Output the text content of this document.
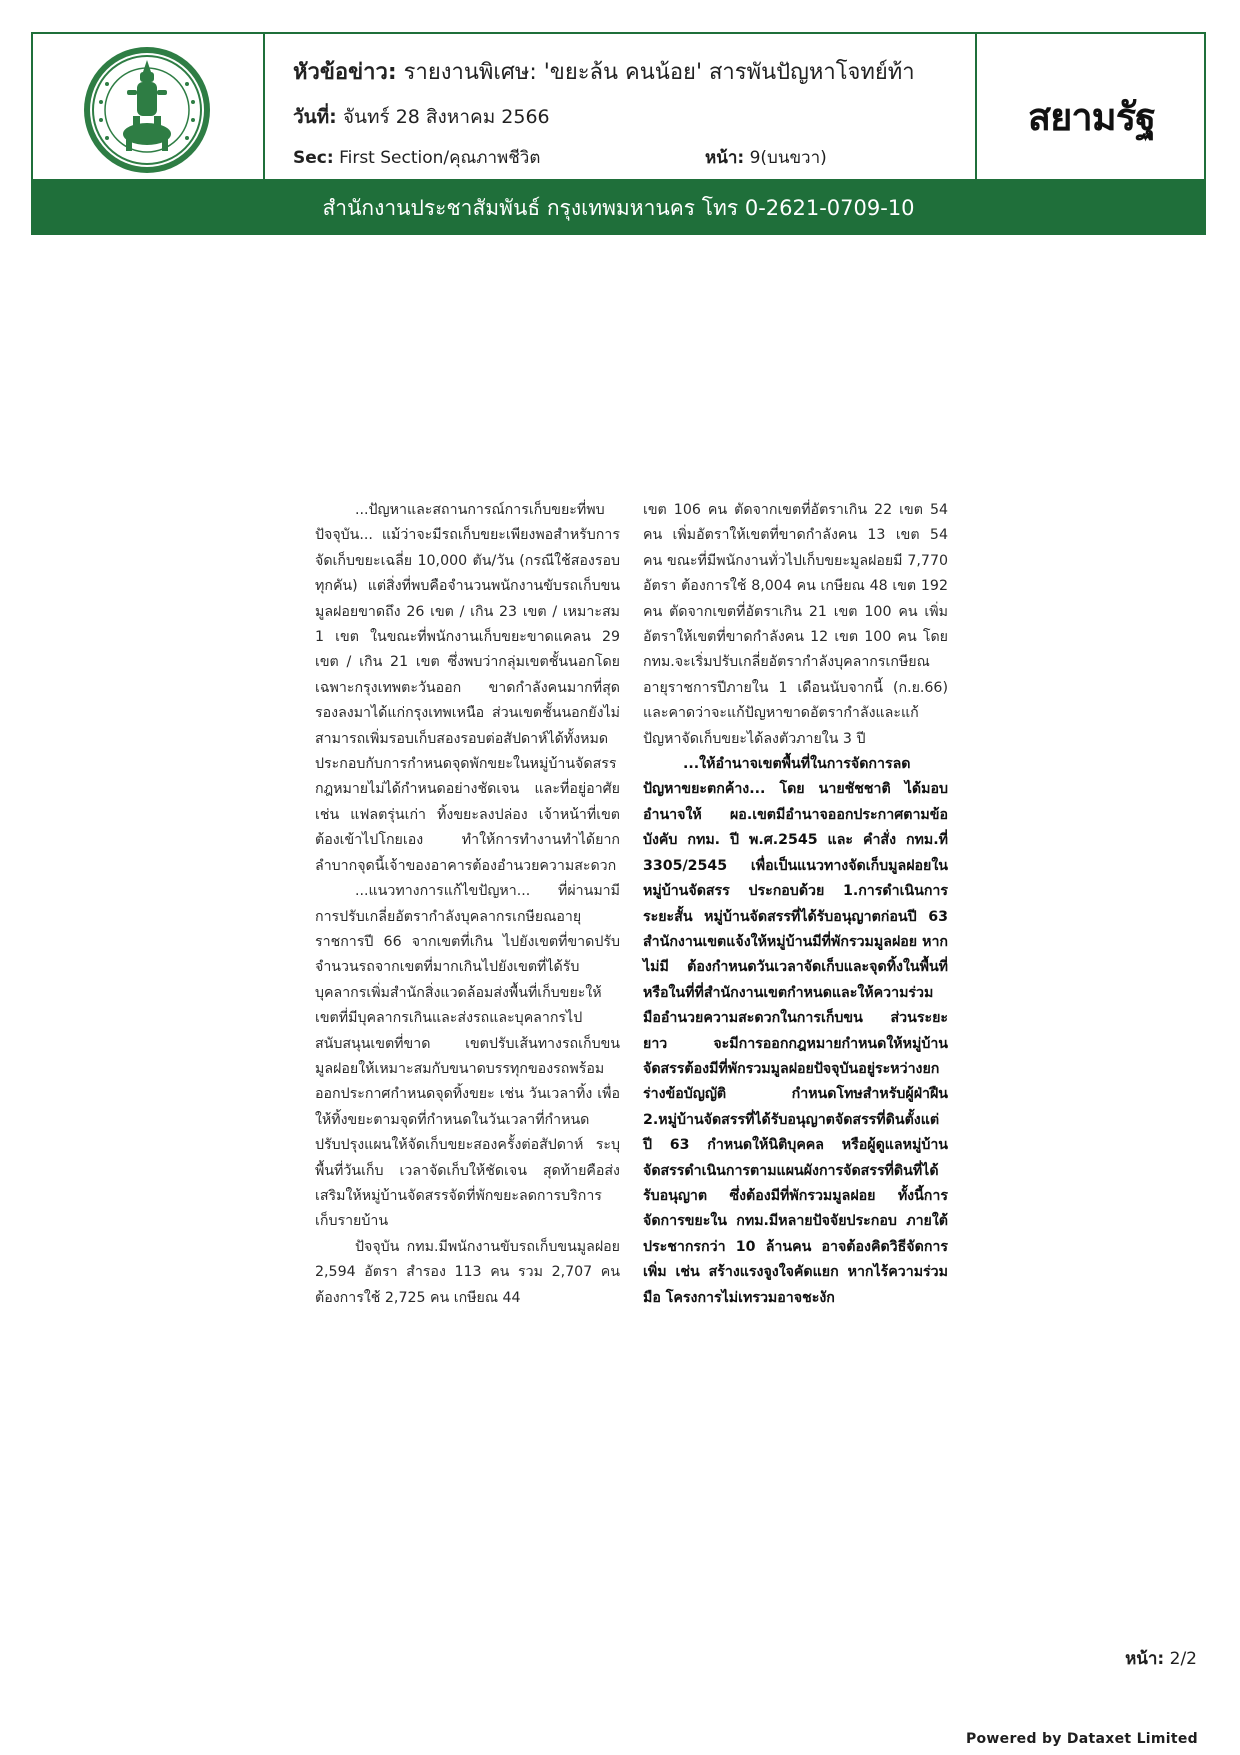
หัวข้อข่าว: รายงานพิเศษ: 'ขยะล้น คนน้อย' สารพันปัญหาโจทย์ท้า
วันที่: จันทร์ 28 สิงหาคม 2566
Sec: First Section/คุณภาพชีวิต	หน้า: 9(บนขวา)
สยามรัฐ
สำนักงานประชาสัมพันธ์ กรุงเทพมหานคร โทร 0-2621-0709-10

...ปัญหาและสถานการณ์การเก็บขยะที่พบปัจจุบัน... แม้ว่าจะมีรถเก็บขยะเพียงพอสำหรับการจัดเก็บขยะเฉลี่ย 10,000 ตัน/วัน (กรณีใช้สองรอบทุกคัน) แต่สิ่งที่พบคือจำนวนพนักงานขับรถเก็บขนมูลฝอยขาดถึง 26 เขต / เกิน 23 เขต / เหมาะสม 1 เขต ในขณะที่พนักงานเก็บขยะขาดแคลน 29 เขต / เกิน 21 เขต ซึ่งพบว่ากลุ่มเขตชั้นนอกโดยเฉพาะกรุงเทพตะวันออก ขาดกำลังคนมากที่สุด รองลงมาได้แก่กรุงเทพเหนือ ส่วนเขตชั้นนอกยังไม่สามารถเพิ่มรอบเก็บสองรอบต่อสัปดาห์ได้ทั้งหมด ประกอบกับการกำหนดจุดพักขยะในหมู่บ้านจัดสรร กฎหมายไม่ได้กำหนดอย่างชัดเจน และที่อยู่อาศัยเช่น แฟลตรุ่นเก่า ทิ้งขยะลงปล่อง เจ้าหน้าที่เขตต้องเข้าไปโกยเอง ทำให้การทำงานทำได้ยากลำบากจุดนี้เจ้าของอาคารต้องอำนวยความสะดวก

...แนวทางการแก้ไขปัญหา... ที่ผ่านมามีการปรับเกลี่ยอัตรากำลังบุคลากรเกษียณอายุราชการปี 66 จากเขตที่เกิน ไปยังเขตที่ขาดปรับจำนวนรถจากเขตที่มากเกินไปยังเขตที่ได้รับบุคลากรเพิ่มสำนักสิ่งแวดล้อมส่งพื้นที่เก็บขยะให้เขตที่มีบุคลากรเกินและส่งรถและบุคลากรไปสนับสนุนเขตที่ขาด เขตปรับเส้นทางรถเก็บขนมูลฝอยให้เหมาะสมกับขนาดบรรทุกของรถพร้อมออกประกาศกำหนดจุดทิ้งขยะ เช่น วันเวลาทิ้ง เพื่อให้ทิ้งขยะตามจุดที่กำหนดในวันเวลาที่กำหนดปรับปรุงแผนให้จัดเก็บขยะสองครั้งต่อสัปดาห์ ระบุพื้นที่วันเก็บ เวลาจัดเก็บให้ชัดเจน สุดท้ายคือส่งเสริมให้หมู่บ้านจัดสรรจัดที่พักขยะลดการบริการเก็บรายบ้าน

ปัจจุบัน กทม.มีพนักงานขับรถเก็บขนมูลฝอย 2,594 อัตรา สำรอง 113 คน รวม 2,707 คน ต้องการใช้ 2,725 คน เกษียณ 44

เขต 106 คน ตัดจากเขตที่อัตราเกิน 22 เขต 54 คน เพิ่มอัตราให้เขตที่ขาดกำลังคน 13 เขต 54 คน ขณะที่มีพนักงานทั่วไปเก็บขยะมูลฝอยมี 7,770 อัตรา ต้องการใช้ 8,004 คน เกษียณ 48 เขต 192 คน ตัดจากเขตที่อัตราเกิน 21 เขต 100 คน เพิ่มอัตราให้เขตที่ขาดกำลังคน 12 เขต 100 คน โดย กทม.จะเริ่มปรับเกลี่ยอัตรากำลังบุคลากรเกษียณอายุราชการปีภายใน 1 เดือนนับจากนี้ (ก.ย.66) และคาดว่าจะแก้ปัญหาขาดอัตรากำลังและแก้ปัญหาจัดเก็บขยะได้ลงตัวภายใน 3 ปี

...ให้อำนาจเขตพื้นที่ในการจัดการลดปัญหาขยะตกค้าง... โดย นายชัชชาติ ได้มอบอำนาจให้ ผอ.เขตมีอำนาจออกประกาศตามข้อบังคับ กทม. ปี พ.ศ.2545 และ คำสั่ง กทม.ที่ 3305/2545 เพื่อเป็นแนวทางจัดเก็บมูลฝอยในหมู่บ้านจัดสรร ประกอบด้วย 1.การดำเนินการระยะสั้น หมู่บ้านจัดสรรที่ได้รับอนุญาตก่อนปี 63 สำนักงานเขตแจ้งให้หมู่บ้านมีที่พักรวมมูลฝอย หากไม่มี ต้องกำหนดวันเวลาจัดเก็บและจุดทิ้งในพื้นที่หรือในที่ที่สำนักงานเขตกำหนดและให้ความร่วมมืออำนวยความสะดวกในการเก็บขน ส่วนระยะยาว จะมีการออกกฎหมายกำหนดให้หมู่บ้านจัดสรรต้องมีที่พักรวมมูลฝอยปัจจุบันอยู่ระหว่างยกร่างข้อบัญญัติ กำหนดโทษสำหรับผู้ฝ่าฝืน 2.หมู่บ้านจัดสรรที่ได้รับอนุญาตจัดสรรที่ดินตั้งแต่ปี 63 กำหนดให้นิติบุคคล หรือผู้ดูแลหมู่บ้านจัดสรรดำเนินการตามแผนผังการจัดสรรที่ดินที่ได้รับอนุญาต ซึ่งต้องมีที่พักรวมมูลฝอย ทั้งนี้การจัดการขยะใน กทม.มีหลายปัจจัยประกอบ ภายใต้ประชากรกว่า 10 ล้านคน อาจต้องคิดวิธีจัดการเพิ่ม เช่น สร้างแรงจูงใจคัดแยก หากไร้ความร่วมมือ โครงการไม่เทรวมอาจชะงัก

หน้า: 2/2
Powered by Dataxet Limited
